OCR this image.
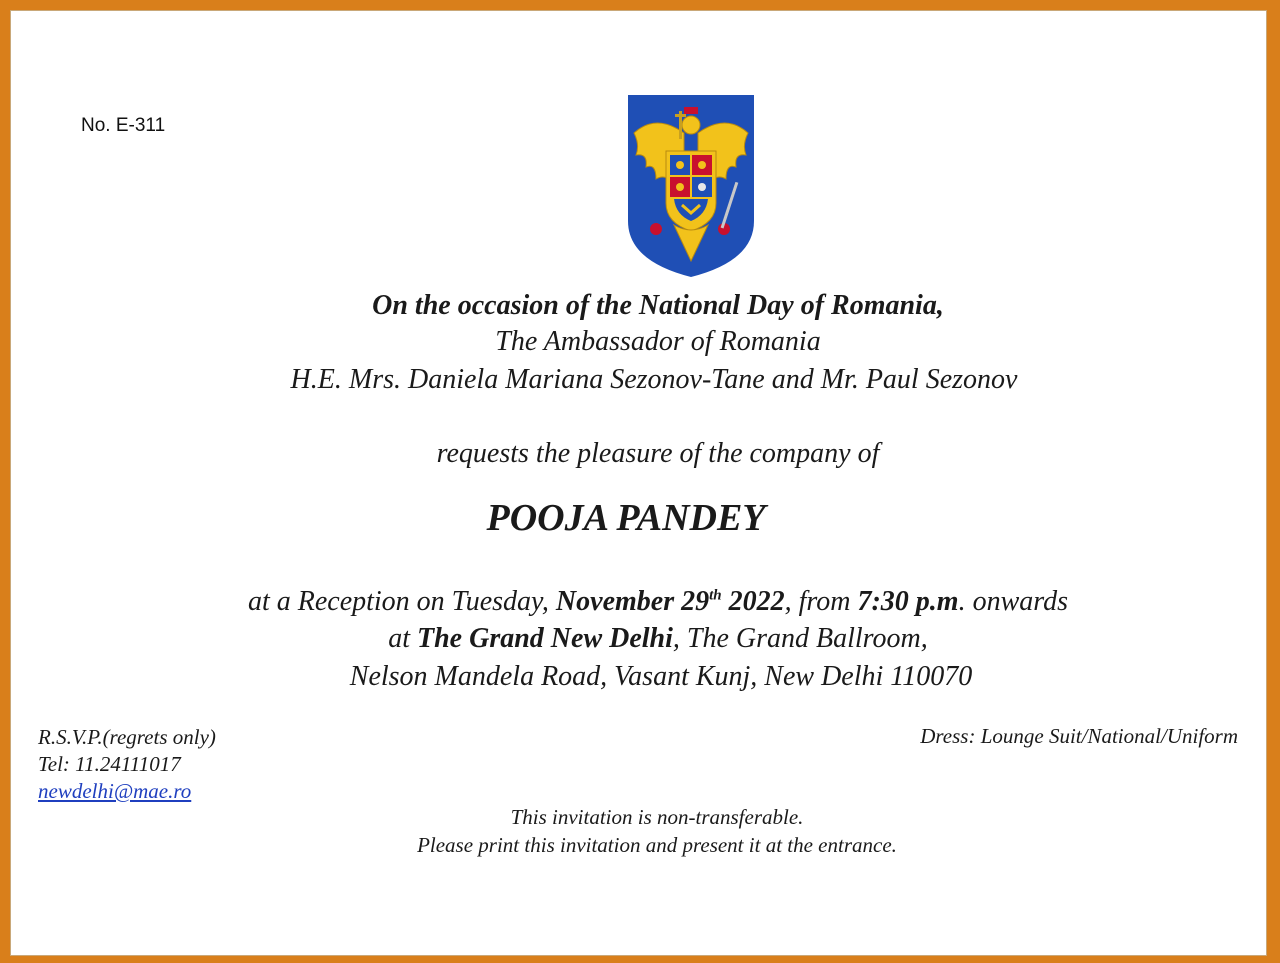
No. E-311
On the occasion of the National Day of Romania,
The Ambassador of Romania
H.E. Mrs. Daniela Mariana Sezonov-Tane and Mr. Paul Sezonov
requests the pleasure of the company of
POOJA PANDEY
at a Reception on Tuesday, November 29th 2022, from 7:30 p.m. onwards
at The Grand New Delhi, The Grand Ballroom,
Nelson Mandela Road, Vasant Kunj, New Delhi 110070
R.S.V.P.(regrets only)
Tel: 11.24111017
newdelhi@mae.ro
Dress: Lounge Suit/National/Uniform
This invitation is non-transferable.
Please print this invitation and present it at the entrance.
